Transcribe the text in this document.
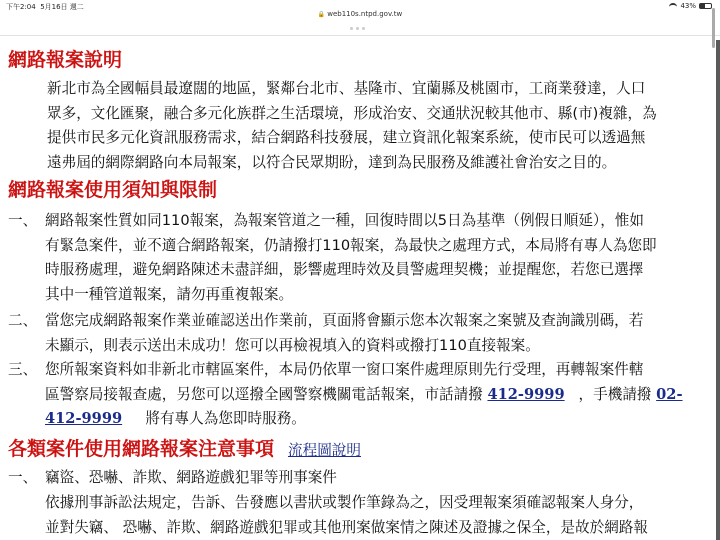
下午2:04 5月16日 週二	43%
🔒 web110s.ntpd.gov.tw
網路報案說明
新北市為全國幅員最遼闊的地區，緊鄰台北市、基隆市、宜蘭縣及桃園市，工商業發達，人口
眾多，文化匯聚，融合多元化族群之生活環境，形成治安、交通狀況較其他市、縣(市)複雜，為
提供市民多元化資訊服務需求，結合網路科技發展，建立資訊化報案系統，使市民可以透過無
遠弗屆的網際網路向本局報案，以符合民眾期盼，達到為民服務及維護社會治安之目的。
網路報案使用須知與限制
一、 網路報案性質如同110報案，為報案管道之一種，回復時間以5日為基準（例假日順延），惟如
有緊急案件，並不適合網路報案，仍請撥打110報案，為最快之處理方式，本局將有專人為您即
時服務處理，避免網路陳述未盡詳細，影響處理時效及員警處理契機；並提醒您，若您已選擇
其中一種管道報案，請勿再重複報案。
二、 當您完成網路報案作業並確認送出作業前，頁面將會顯示您本次報案之案號及查詢識別碼，若
未顯示，則表示送出未成功！您可以再檢視填入的資料或撥打110直接報案。
三、 您所報案資料如非新北市轄區案件，本局仍依單一窗口案件處理原則先行受理，再轉報案件轄
區警察局接報查處，另您可以逕撥全國警察機關電話報案，市話請撥 412-9999 ，手機請撥 02-
412-9999 將有專人為您即時服務。
各類案件使用網路報案注意事項 流程圖說明
一、 竊盜、恐嚇、詐欺、網路遊戲犯罪等刑事案件
依據刑事訴訟法規定，告訴、告發應以書狀或製作筆錄為之，因受理報案須確認報案人身分，
並對失竊、 恐嚇、詐欺、網路遊戲犯罪或其他刑案做案情之陳述及證據之保全，是故於網路報
